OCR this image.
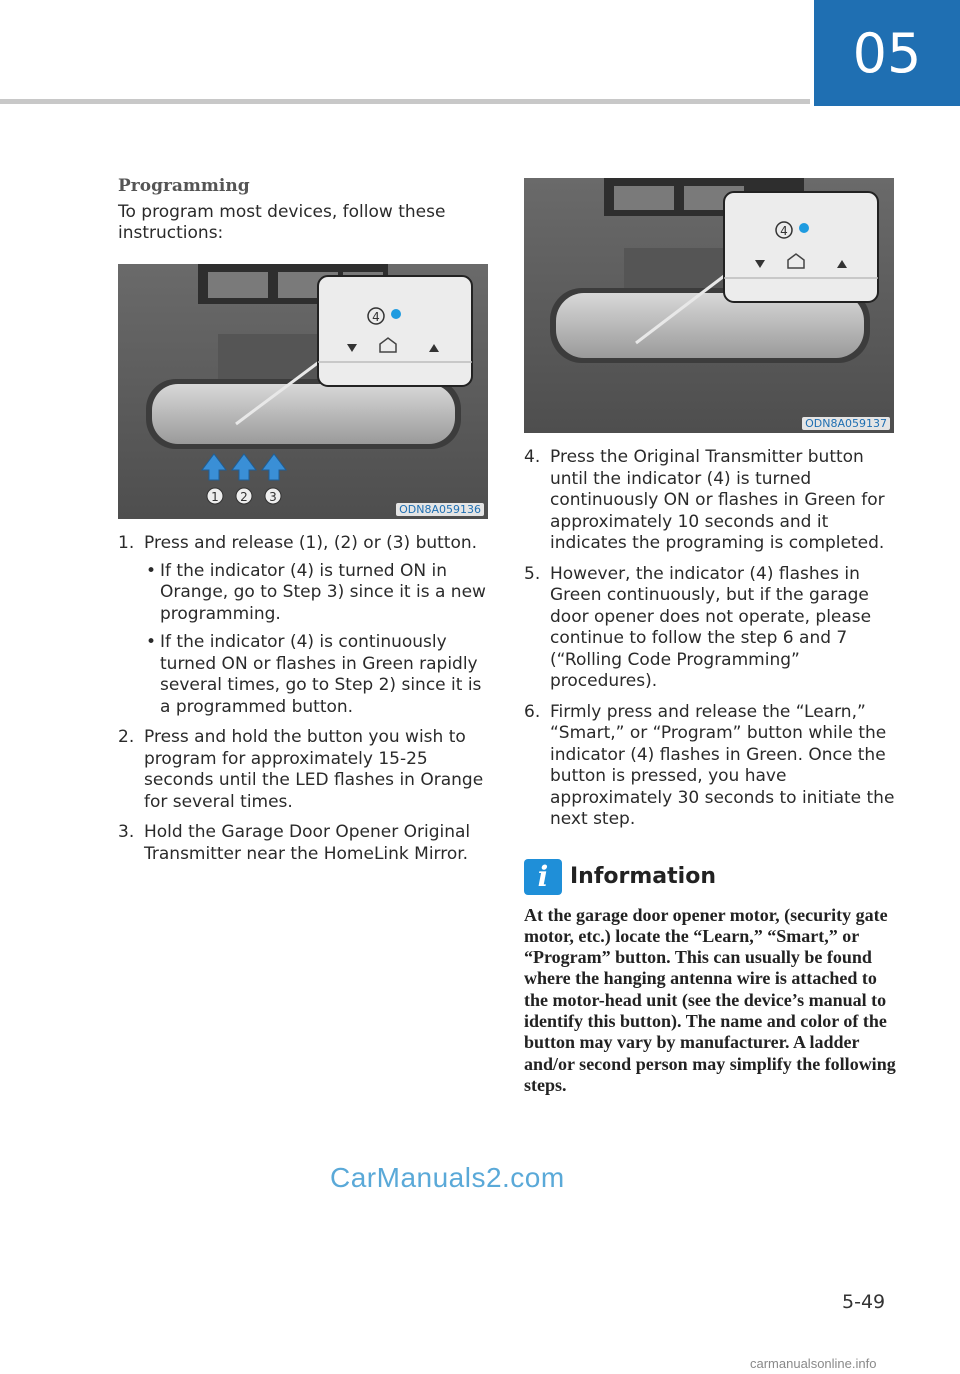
05
Programming

To program most devices, follow these instructions:

4
1 2 3
ODN8A059136
1. Press and release (1), (2) or (3) button.
• If the indicator (4) is turned ON in Orange, go to Step 3) since it is a new programming.
• If the indicator (4) is continuously turned ON or flashes in Green rapidly several times, go to Step 2) since it is a programmed button.
2. Press and hold the button you wish to program for approximately 15-25 seconds until the LED flashes in Orange for several times.
3. Hold the Garage Door Opener Original Transmitter near the HomeLink Mirror.
4
ODN8A059137
4. Press the Original Transmitter button until the indicator (4) is turned continuously ON or flashes in Green for approximately 10 seconds and it indicates the programing is completed.
5. However, the indicator (4) flashes in Green continuously, but if the garage door opener does not operate, please continue to follow the step 6 and 7 (“Rolling Code Programming” procedures).
6. Firmly press and release the “Learn,” “Smart,” or “Program” button while the indicator (4) flashes in Green. Once the button is pressed, you have approximately 30 seconds to initiate the next step.
i Information
At the garage door opener motor, (security gate motor, etc.) locate the “Learn,” “Smart,” or “Program” button. This can usually be found where the hanging antenna wire is attached to the motor-head unit (see the device’s manual to identify this button). The name and color of the button may vary by manufacturer. A ladder and/or second person may simplify the following steps.
CarManuals2.com
5-49
carmanualsonline.info
